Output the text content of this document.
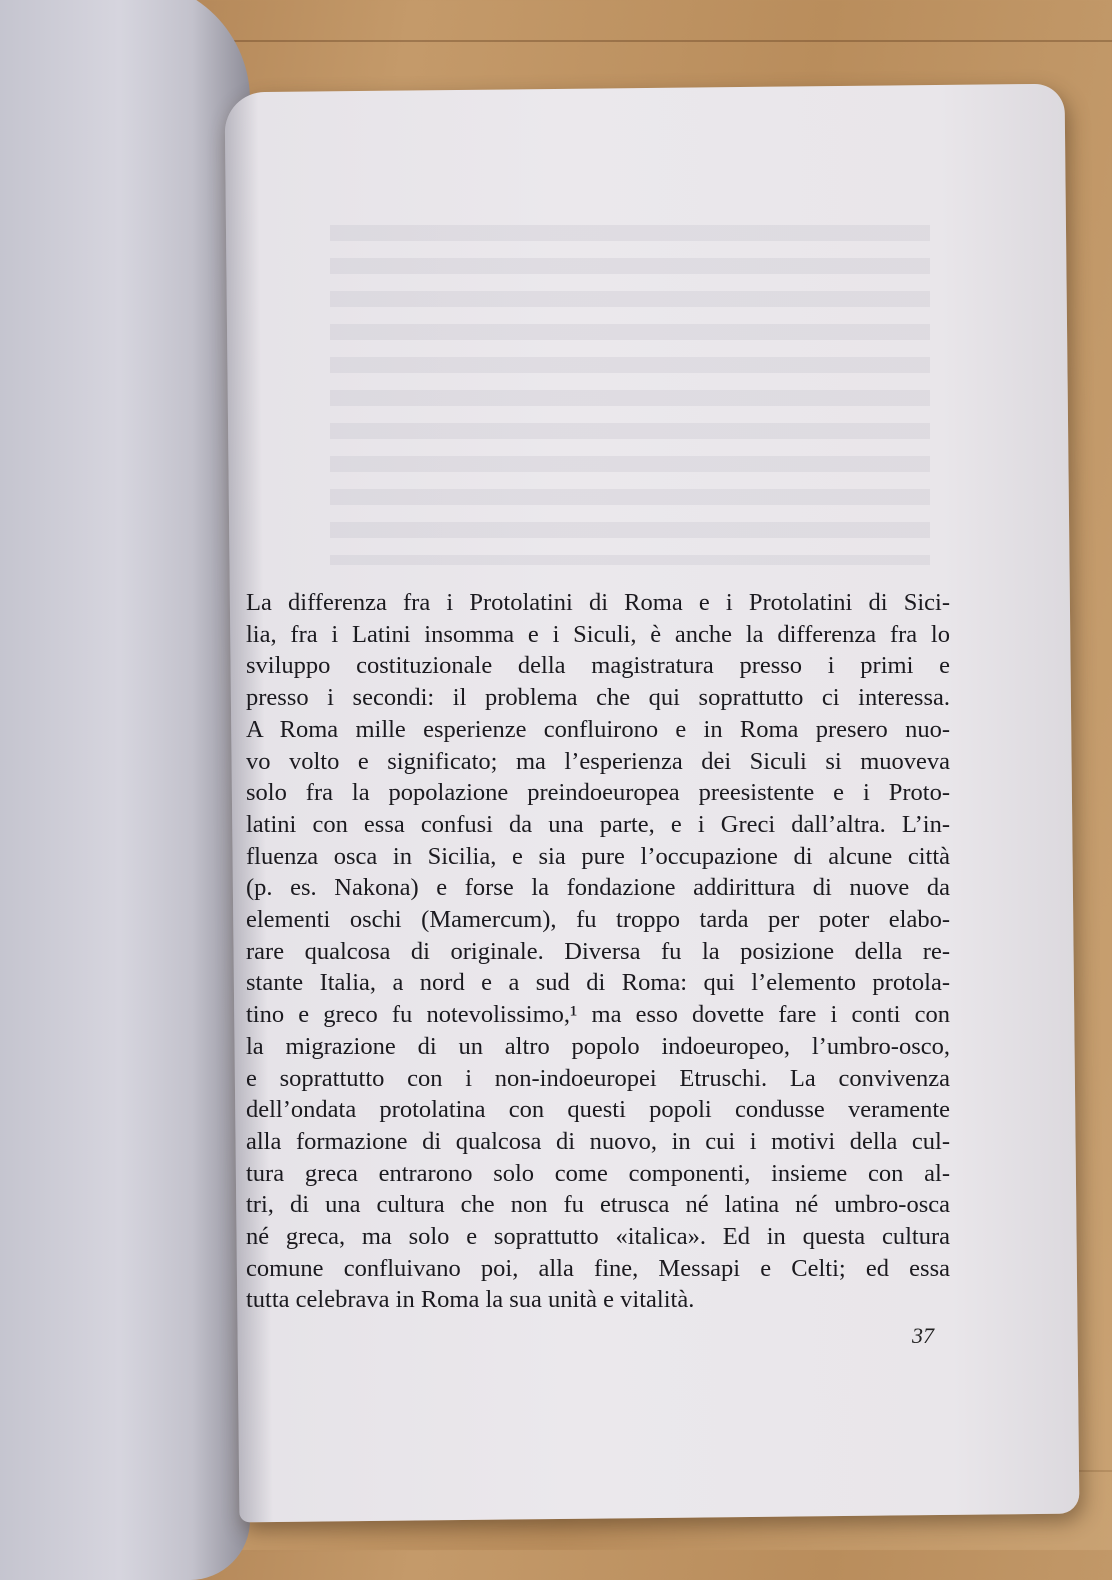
La differenza fra i Protolatini di Roma e i Protolatini di Sici-
lia, fra i Latini insomma e i Siculi, è anche la differenza fra lo
sviluppo costituzionale della magistratura presso i primi e
presso i secondi: il problema che qui soprattutto ci interessa.
A Roma mille esperienze confluirono e in Roma presero nuo-
vo volto e significato; ma l’esperienza dei Siculi si muoveva
solo fra la popolazione preindoeuropea preesistente e i Proto-
latini con essa confusi da una parte, e i Greci dall’altra. L’in-
fluenza osca in Sicilia, e sia pure l’occupazione di alcune città
(p. es. Nakona) e forse la fondazione addirittura di nuove da
elementi oschi (Mamercum), fu troppo tarda per poter elabo-
rare qualcosa di originale. Diversa fu la posizione della re-
stante Italia, a nord e a sud di Roma: qui l’elemento protola-
tino e greco fu notevolissimo,¹ ma esso dovette fare i conti con
la migrazione di un altro popolo indoeuropeo, l’umbro-osco,
e soprattutto con i non-indoeuropei Etruschi. La convivenza
dell’ondata protolatina con questi popoli condusse veramente
alla formazione di qualcosa di nuovo, in cui i motivi della cul-
tura greca entrarono solo come componenti, insieme con al-
tri, di una cultura che non fu etrusca né latina né umbro-osca
né greca, ma solo e soprattutto «italica». Ed in questa cultura
comune confluivano poi, alla fine, Messapi e Celti; ed essa
tutta celebrava in Roma la sua unità e vitalità.
37
